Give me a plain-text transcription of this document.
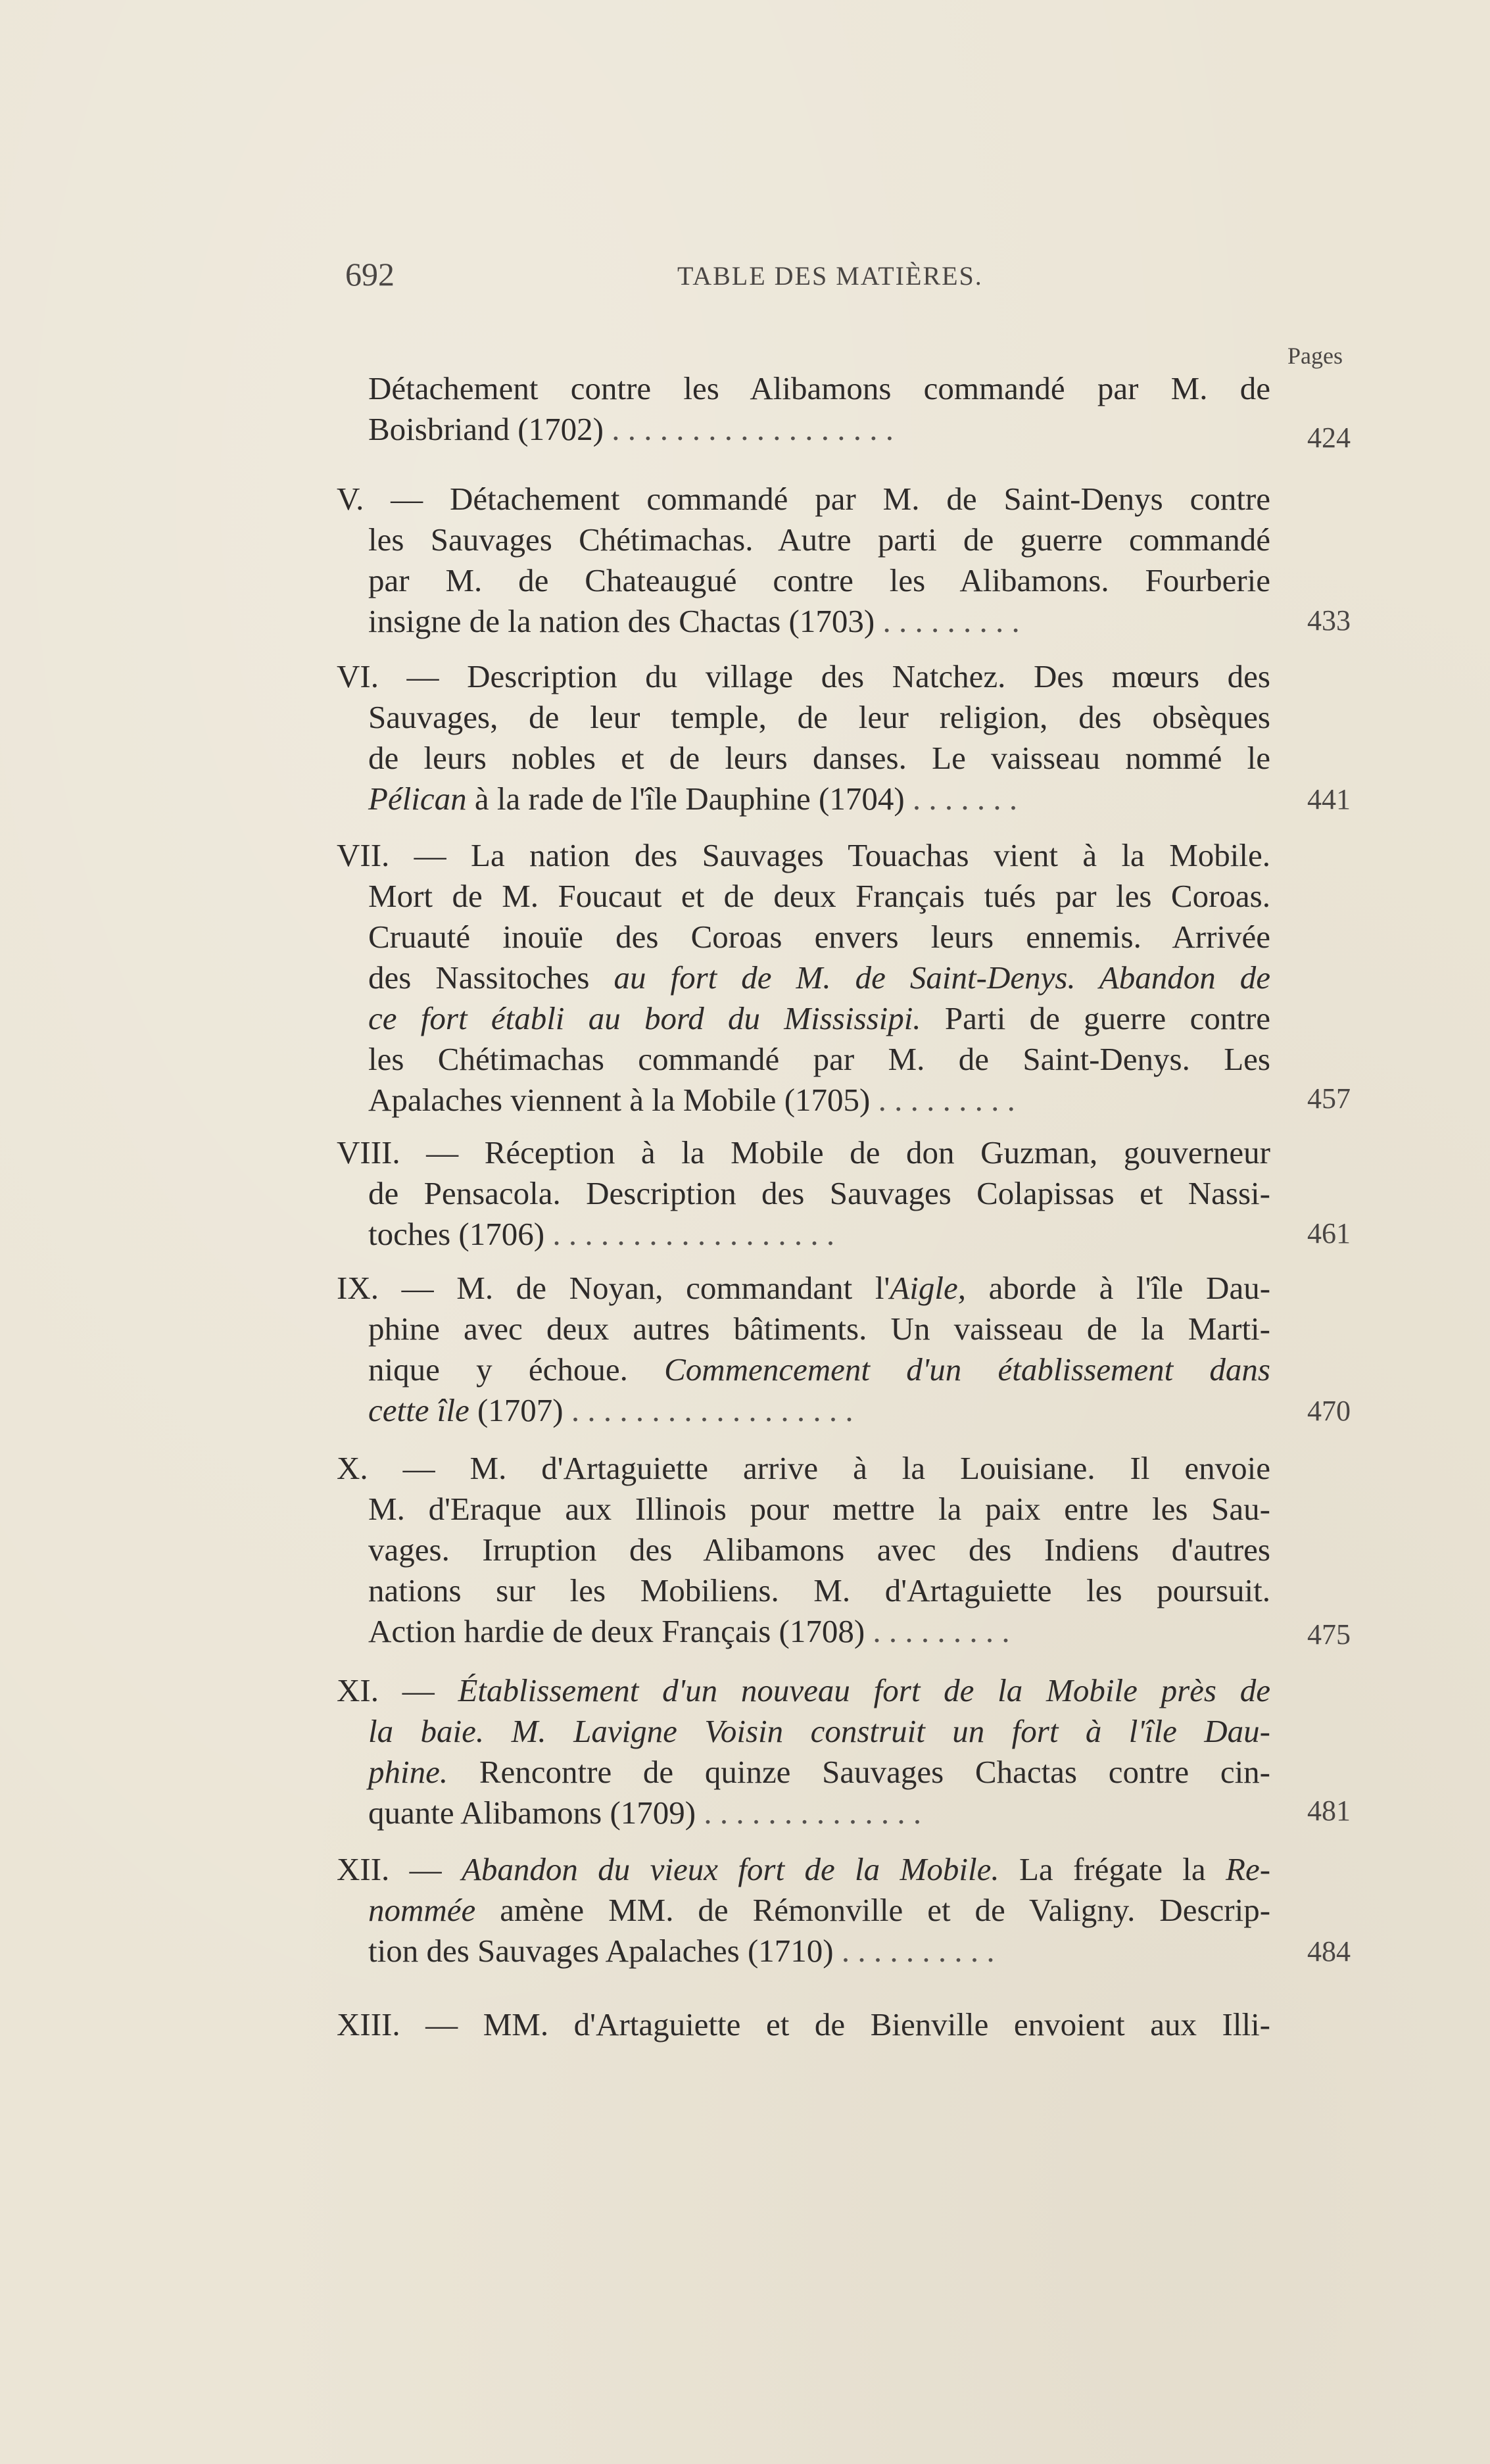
692	TABLE DES MATIÈRES.
Pages
Détachement contre les Alibamons commandé par M. de
Boisbriand (1702) . . . . . . . . . . . . . . . . . .	424
V. — Détachement commandé par M. de Saint-Denys contre
les Sauvages Chétimachas. Autre parti de guerre commandé
par M. de Chateaugué contre les Alibamons. Fourberie
insigne de la nation des Chactas (1703) . . . . . . . . .	433
VI. — Description du village des Natchez. Des mœurs des
Sauvages, de leur temple, de leur religion, des obsèques
de leurs nobles et de leurs danses. Le vaisseau nommé le
Pélican à la rade de l'île Dauphine (1704) . . . . . . .	441
VII. — La nation des Sauvages Touachas vient à la Mobile.
Mort de M. Foucaut et de deux Français tués par les Coroas.
Cruauté inouïe des Coroas envers leurs ennemis. Arrivée
des Nassitoches au fort de M. de Saint-Denys. Abandon de
ce fort établi au bord du Mississipi. Parti de guerre contre
les Chétimachas commandé par M. de Saint-Denys. Les
Apalaches viennent à la Mobile (1705) . . . . . . . . .	457
VIII. — Réception à la Mobile de don Guzman, gouverneur
de Pensacola. Description des Sauvages Colapissas et Nassi-
toches (1706) . . . . . . . . . . . . . . . . . .	461
IX. — M. de Noyan, commandant l'Aigle, aborde à l'île Dau-
phine avec deux autres bâtiments. Un vaisseau de la Marti-
nique y échoue. Commencement d'un établissement dans
cette île (1707) . . . . . . . . . . . . . . . . . .	470
X. — M. d'Artaguiette arrive à la Louisiane. Il envoie
M. d'Eraque aux Illinois pour mettre la paix entre les Sau-
vages. Irruption des Alibamons avec des Indiens d'autres
nations sur les Mobiliens. M. d'Artaguiette les poursuit.
Action hardie de deux Français (1708) . . . . . . . . .	475
XI. — Établissement d'un nouveau fort de la Mobile près de
la baie. M. Lavigne Voisin construit un fort à l'île Dau-
phine. Rencontre de quinze Sauvages Chactas contre cin-
quante Alibamons (1709) . . . . . . . . . . . . . .	481
XII. — Abandon du vieux fort de la Mobile. La frégate la Re-
nommée amène MM. de Rémonville et de Valigny. Descrip-
tion des Sauvages Apalaches (1710) . . . . . . . . . .	484
XIII. — MM. d'Artaguiette et de Bienville envoient aux Illi-
